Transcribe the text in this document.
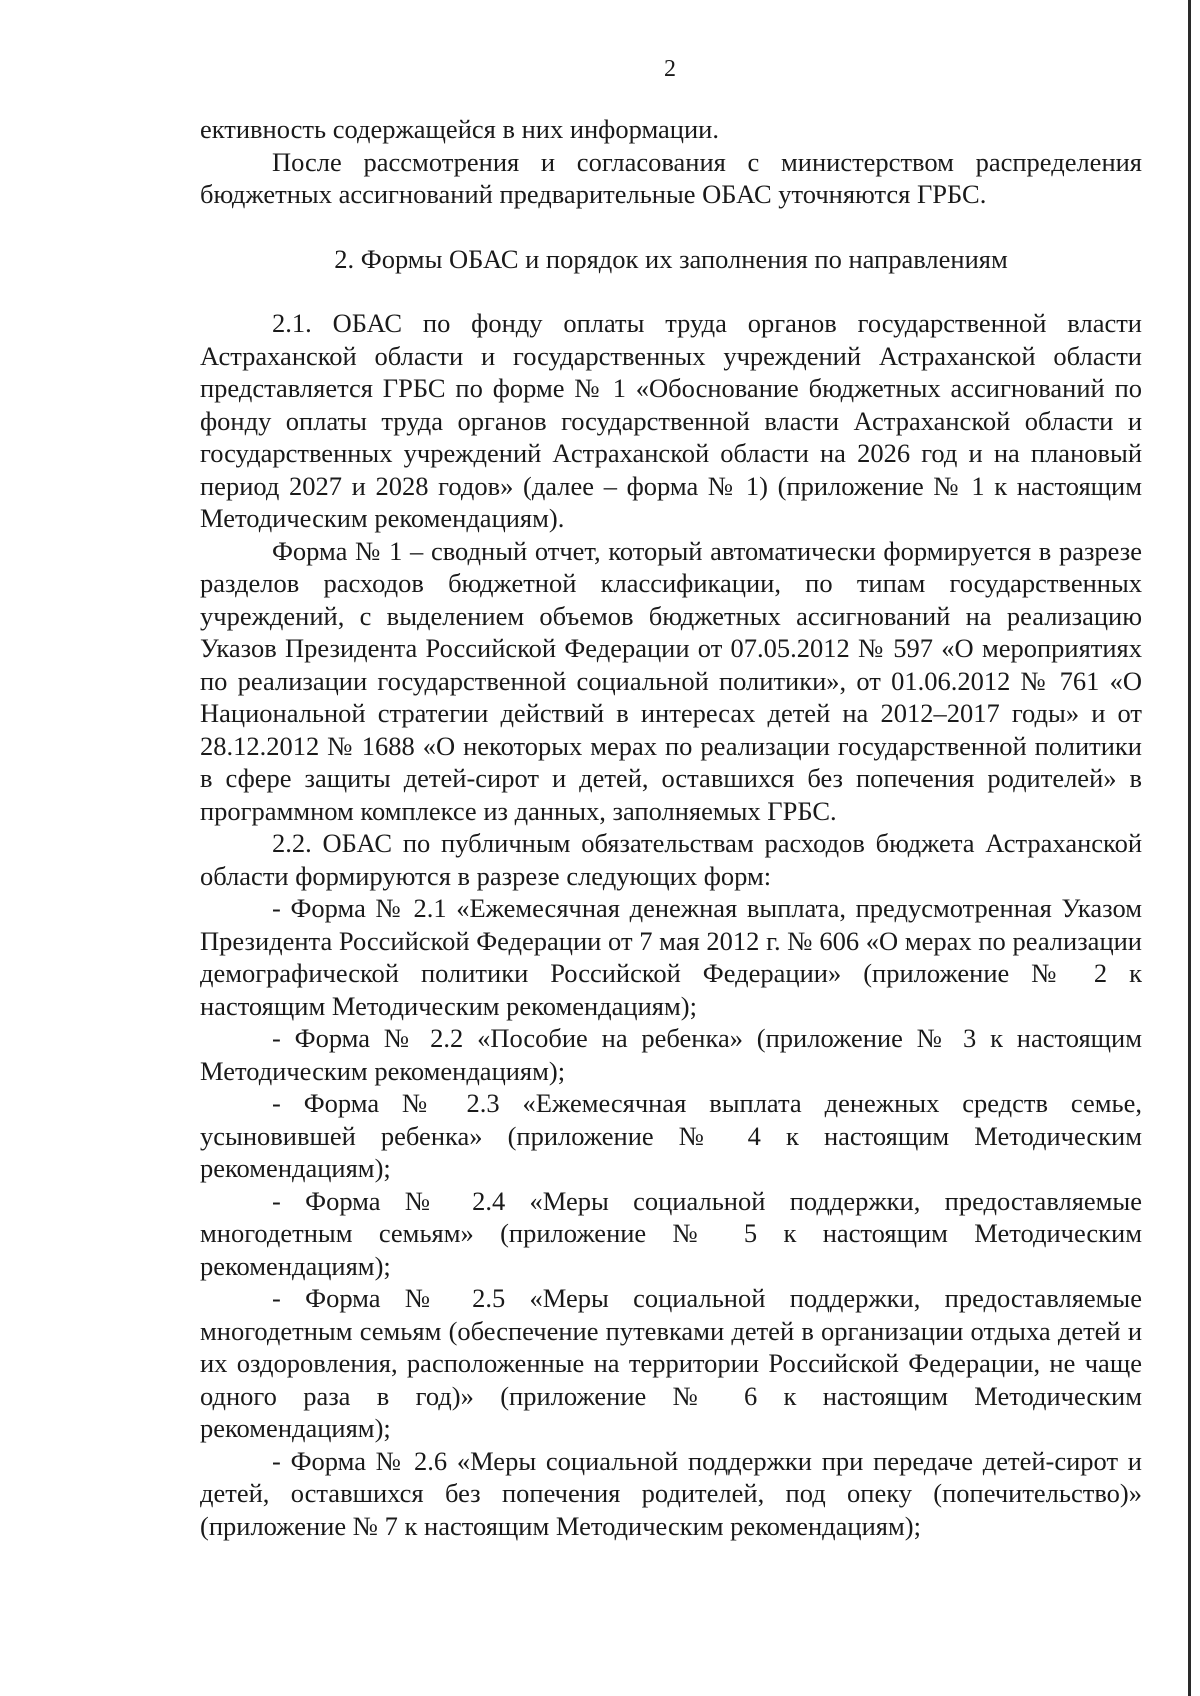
2

ективность содержащейся в них информации.

После рассмотрения и согласования с министерством распределения бюджетных ассигнований предварительные ОБАС уточняются ГРБС.

2. Формы ОБАС и порядок их заполнения по направлениям

2.1. ОБАС по фонду оплаты труда органов государственной власти Астраханской области и государственных учреждений Астраханской области представляется ГРБС по форме № 1 «Обоснование бюджетных ассигнований по фонду оплаты труда органов государственной власти Астраханской области и государственных учреждений Астраханской области на 2026 год и на плановый период 2027 и 2028 годов» (далее – форма № 1) (приложение № 1 к настоящим Методическим рекомендациям).

Форма № 1 – сводный отчет, который автоматически формируется в разрезе разделов расходов бюджетной классификации, по типам государственных учреждений, с выделением объемов бюджетных ассигнований на реализацию Указов Президента Российской Федерации от 07.05.2012 № 597 «О мероприятиях по реализации государственной социальной политики», от 01.06.2012 № 761 «О Национальной стратегии действий в интересах детей на 2012–2017 годы» и от 28.12.2012 № 1688 «О некоторых мерах по реализации государственной политики в сфере защиты детей-сирот и детей, оставшихся без попечения родителей» в программном комплексе из данных, заполняемых ГРБС.

2.2. ОБАС по публичным обязательствам расходов бюджета Астраханской области формируются в разрезе следующих форм:

- Форма № 2.1 «Ежемесячная денежная выплата, предусмотренная Указом Президента Российской Федерации от 7 мая 2012 г. № 606 «О мерах по реализации демографической политики Российской Федерации» (приложение № 2 к настоящим Методическим рекомендациям);

- Форма № 2.2 «Пособие на ребенка» (приложение № 3 к настоящим Методическим рекомендациям);

- Форма № 2.3 «Ежемесячная выплата денежных средств семье, усыновившей ребенка» (приложение № 4 к настоящим Методическим рекомендациям);

- Форма № 2.4 «Меры социальной поддержки, предоставляемые многодетным семьям» (приложение № 5 к настоящим Методическим рекомендациям);

- Форма № 2.5 «Меры социальной поддержки, предоставляемые многодетным семьям (обеспечение путевками детей в организации отдыха детей и их оздоровления, расположенные на территории Российской Федерации, не чаще одного раза в год)» (приложение № 6 к настоящим Методическим рекомендациям);

- Форма № 2.6 «Меры социальной поддержки при передаче детей-сирот и детей, оставшихся без попечения родителей, под опеку (попечительство)» (приложение № 7 к настоящим Методическим рекомендациям);
